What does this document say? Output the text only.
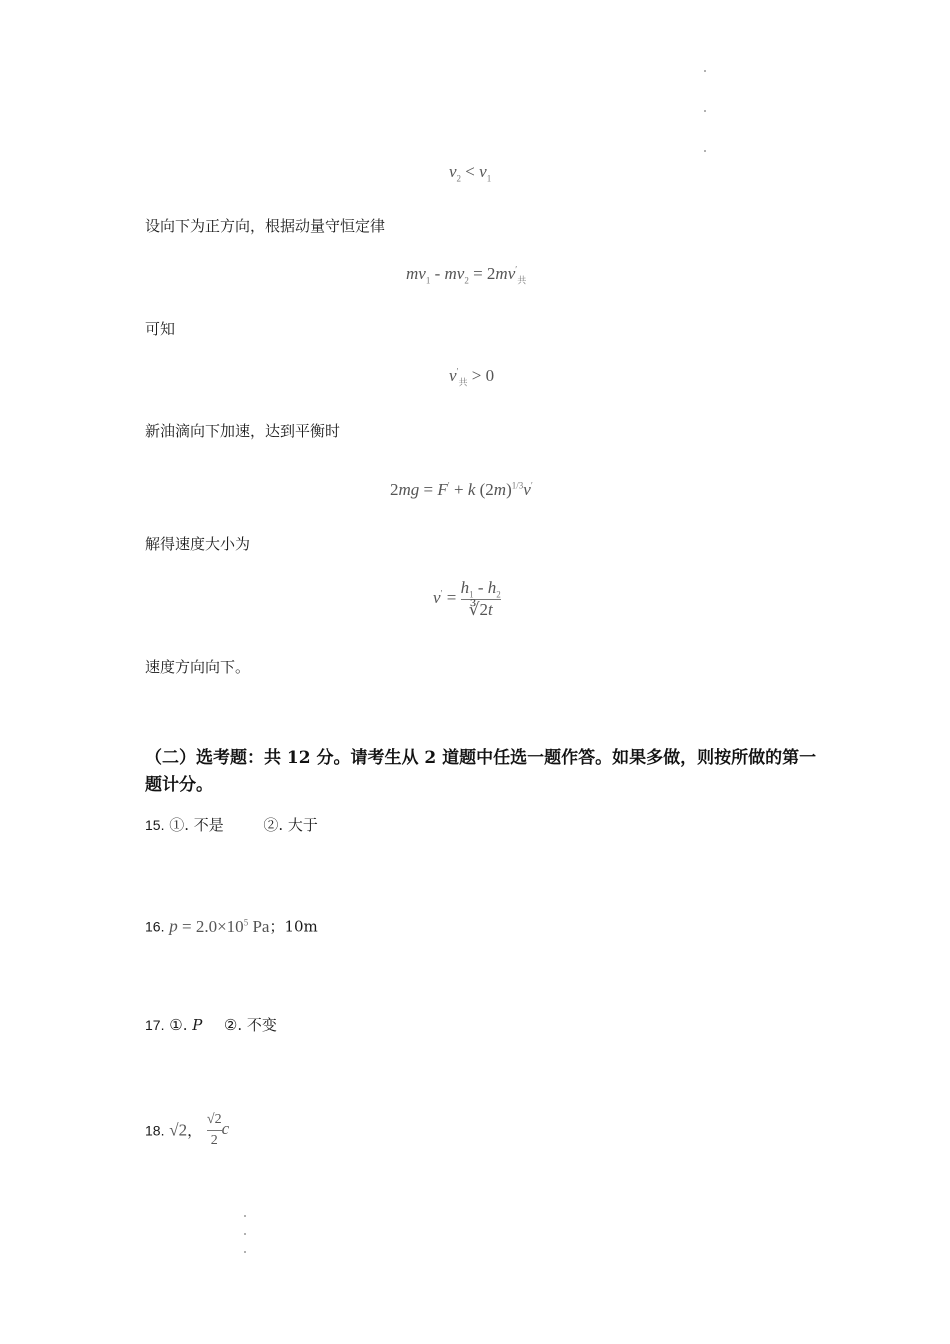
$v_2 < v_1$
设向下为正方向，根据动量守恒定律
$mv_1 - mv_2 = 2mv'_共$
可知
$v'_共 > 0$
新油滴向下加速，达到平衡时
2mg = F′ + k $(2m)^{1/3}v'$
解得速度大小为
$v' = \frac{h_1 - h_2}{∛2t}$
速度方向向下。
（二）选考题：共 12 分。请考生从 2 道题中任选一题作答。如果多做，则按所做的第一题计分。
15. ①. 不是	②. 大于
16. $p = 2.0\times 10^5$ Pa；10m
17. ①. P ②. 不变
18. √2， $\frac{√2}{2}$ c
